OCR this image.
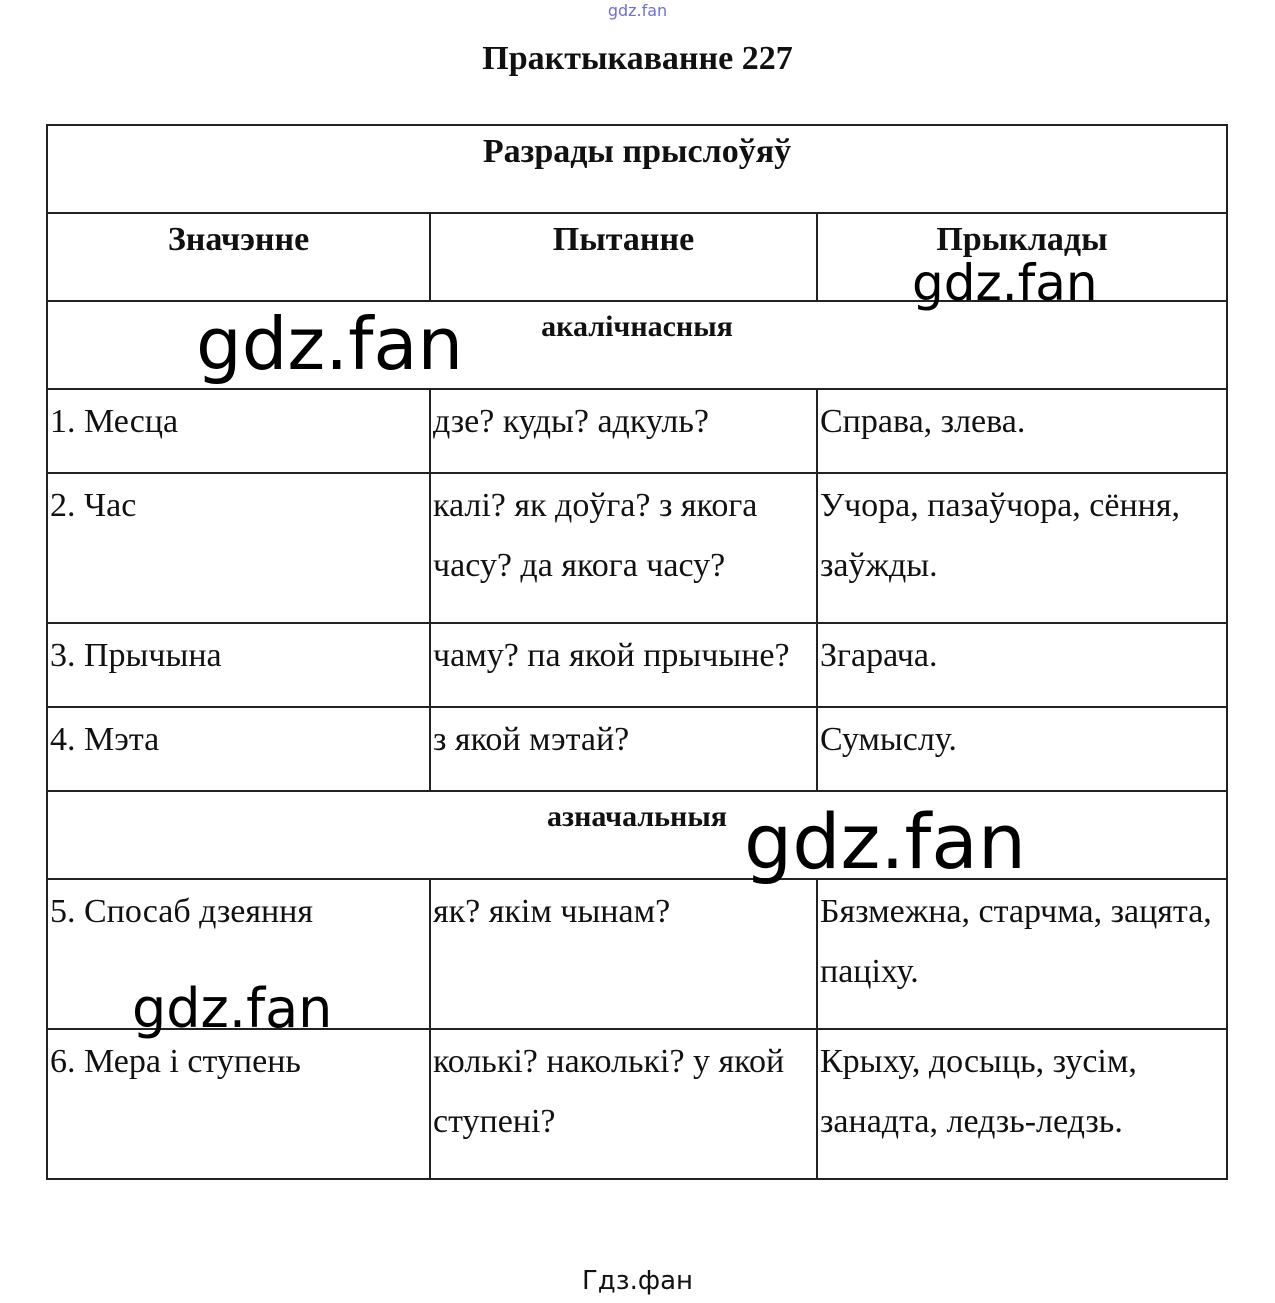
gdz.fan
Практыкаванне 227
Разрады прыслоўяў		
Значэнне	Пытанне	Прыклады
акалічнасныя		
1. Месца	дзе? куды? адкуль?	Справа, злева.
2. Час	калі? як доўга? з якога часу? да якога часу?	Учора, пазаўчора, сёння, заўжды.
3. Прычына	чаму? па якой прычыне?	Згарача.
4. Мэта	з якой мэтай?	Сумыслу.
азначальныя		
5. Спосаб дзеяння	як? якім чынам?	Бязмежна, старчма, зацята, паціху.
6. Мера і ступень	колькі? наколькі? у якой ступені?	Крыху, досыць, зусім, занадта, ледзь-ледзь.
gdz.fan
gdz.fan
gdz.fan
gdz.fan
Гдз.фан
